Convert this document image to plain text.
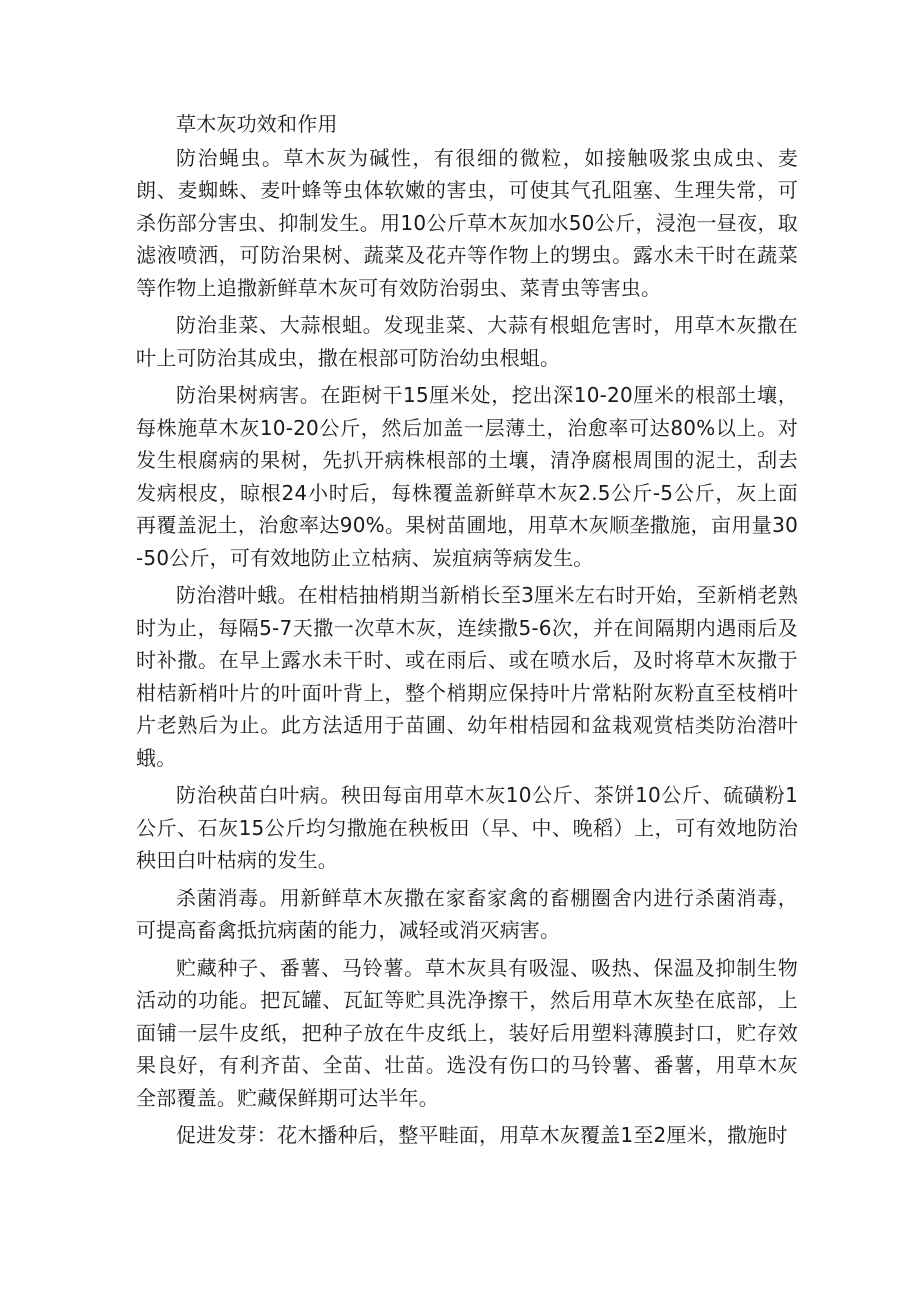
草木灰功效和作用

防治蝇虫。草木灰为碱性，有很细的微粒，如接触吸浆虫成虫、麦朗、麦蜘蛛、麦叶蜂等虫体软嫩的害虫，可使其气孔阻塞、生理失常，可杀伤部分害虫、抑制发生。用10公斤草木灰加水50公斤，浸泡一昼夜，取滤液喷洒，可防治果树、蔬菜及花卉等作物上的甥虫。露水未干时在蔬菜等作物上追撒新鲜草木灰可有效防治弱虫、菜青虫等害虫。

防治韭菜、大蒜根蛆。发现韭菜、大蒜有根蛆危害时，用草木灰撒在叶上可防治其成虫，撒在根部可防治幼虫根蛆。

防治果树病害。在距树干15厘米处，挖出深10-20厘米的根部土壤，每株施草木灰10-20公斤，然后加盖一层薄土，治愈率可达80%以上。对发生根腐病的果树，先扒开病株根部的土壤，清净腐根周围的泥土，刮去发病根皮，晾根24小时后，每株覆盖新鲜草木灰2.5公斤-5公斤，灰上面再覆盖泥土，治愈率达90%。果树苗圃地，用草木灰顺垄撒施，亩用量30-50公斤，可有效地防止立枯病、炭疽病等病发生。

防治潜叶蛾。在柑桔抽梢期当新梢长至3厘米左右时开始，至新梢老熟时为止，每隔5-7天撒一次草木灰，连续撒5-6次，并在间隔期内遇雨后及时补撒。在早上露水未干时、或在雨后、或在喷水后，及时将草木灰撒于柑桔新梢叶片的叶面叶背上，整个梢期应保持叶片常粘附灰粉直至枝梢叶片老熟后为止。此方法适用于苗圃、幼年柑桔园和盆栽观赏桔类防治潜叶蛾。

防治秧苗白叶病。秧田每亩用草木灰10公斤、茶饼10公斤、硫磺粉1公斤、石灰15公斤均匀撒施在秧板田（早、中、晚稻）上，可有效地防治秧田白叶枯病的发生。

杀菌消毒。用新鲜草木灰撒在家畜家禽的畜棚圈舍内进行杀菌消毒，可提高畜禽抵抗病菌的能力，减轻或消灭病害。

贮藏种子、番薯、马铃薯。草木灰具有吸湿、吸热、保温及抑制生物活动的功能。把瓦罐、瓦缸等贮具洗净擦干，然后用草木灰垫在底部，上面铺一层牛皮纸，把种子放在牛皮纸上，装好后用塑料薄膜封口，贮存效果良好，有利齐苗、全苗、壮苗。选没有伤口的马铃薯、番薯，用草木灰全部覆盖。贮藏保鲜期可达半年。

促进发芽：花木播种后，整平畦面，用草木灰覆盖1至2厘米，撒施时
